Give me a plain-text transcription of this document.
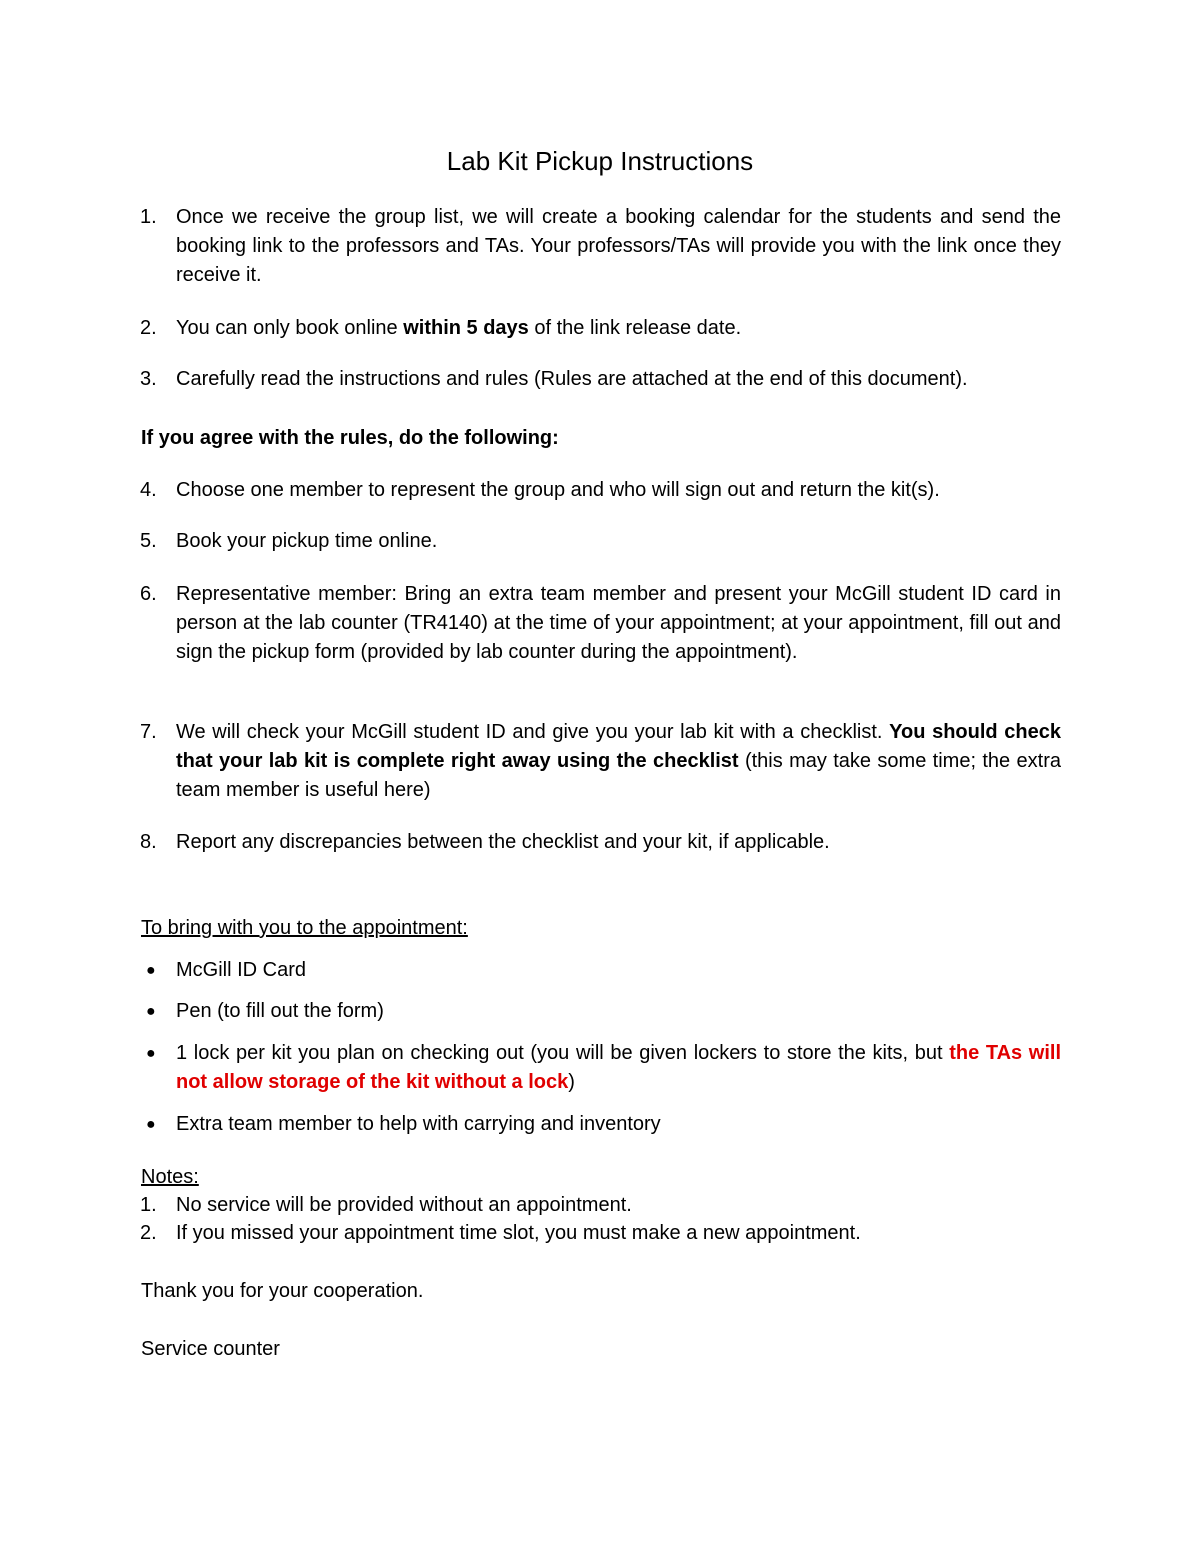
Lab Kit Pickup Instructions
1. Once we receive the group list, we will create a booking calendar for the students and send the booking link to the professors and TAs. Your professors/TAs will provide you with the link once they receive it.
2. You can only book online within 5 days of the link release date.
3. Carefully read the instructions and rules (Rules are attached at the end of this document).
If you agree with the rules, do the following:
4. Choose one member to represent the group and who will sign out and return the kit(s).
5. Book your pickup time online.
6. Representative member: Bring an extra team member and present your McGill student ID card in person at the lab counter (TR4140) at the time of your appointment; at your appointment, fill out and sign the pickup form (provided by lab counter during the appointment).
7. We will check your McGill student ID and give you your lab kit with a checklist. You should check that your lab kit is complete right away using the checklist (this may take some time; the extra team member is useful here)
8. Report any discrepancies between the checklist and your kit, if applicable.
To bring with you to the appointment:
● McGill ID Card
● Pen (to fill out the form)
● 1 lock per kit you plan on checking out (you will be given lockers to store the kits, but the TAs will not allow storage of the kit without a lock)
● Extra team member to help with carrying and inventory
Notes:
1. No service will be provided without an appointment.
2. If you missed your appointment time slot, you must make a new appointment.
Thank you for your cooperation.
Service counter
